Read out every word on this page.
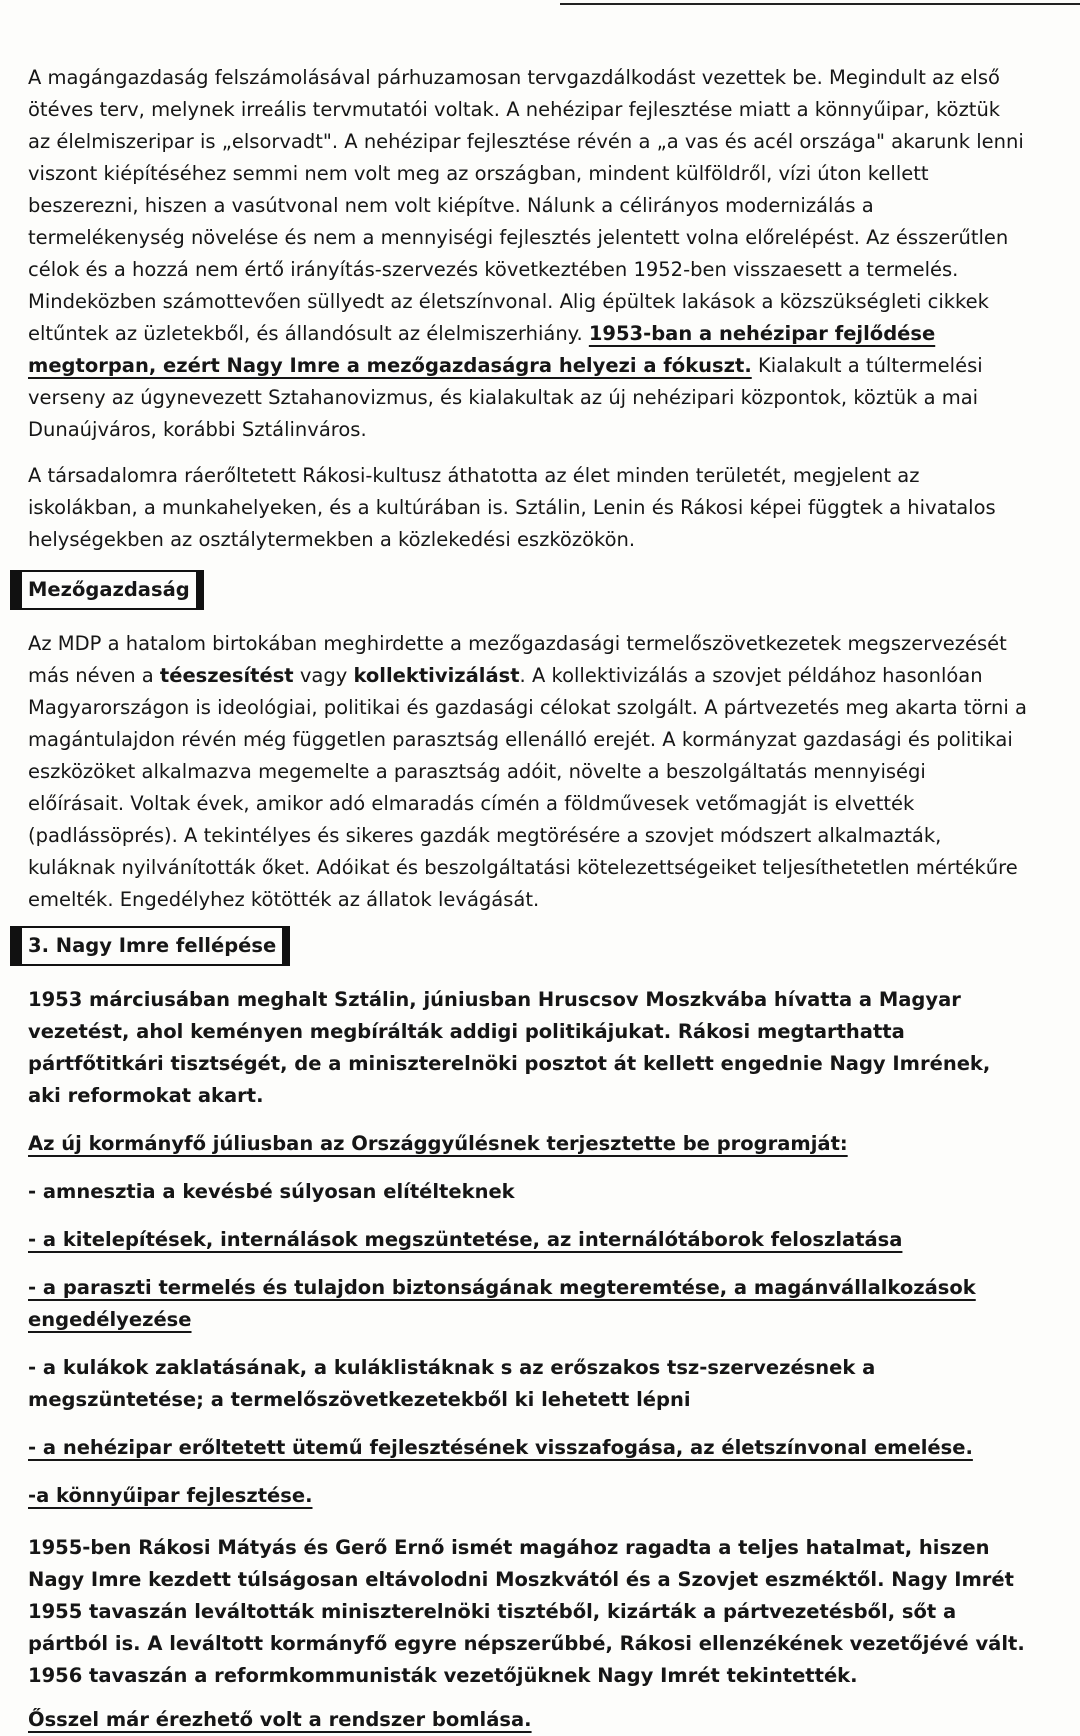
A magángazdaság felszámolásával párhuzamosan tervgazdálkodást vezettek be. Megindult az első ötéves terv, melynek irreális tervmutatói voltak. A nehézipar fejlesztése miatt a könnyűipar, köztük az élelmiszeripar is „elsorvadt". A nehézipar fejlesztése révén a „a vas és acél országa" akarunk lenni viszont kiépítéséhez semmi nem volt meg az országban, mindent külföldről, vízi úton kellett beszerezni, hiszen a vasútvonal nem volt kiépítve. Nálunk a célirányos modernizálás a termelékenység növelése és nem a mennyiségi fejlesztés jelentett volna előrelépést. Az ésszerűtlen célok és a hozzá nem értő irányítás-szervezés következtében 1952-ben visszaesett a termelés. Mindeközben számottevően süllyedt az életszínvonal. Alig épültek lakások a közszükségleti cikkek eltűntek az üzletekből, és állandósult az élelmiszerhiány. 1953-ban a nehézipar fejlődése megtorpan, ezért Nagy Imre a mezőgazdaságra helyezi a fókuszt. Kialakult a túltermelési verseny az úgynevezett Sztahanovizmus, és kialakultak az új nehézipari központok, köztük a mai Dunaújváros, korábbi Sztálinváros.

A társadalomra ráerőltetett Rákosi-kultusz áthatotta az élet minden területét, megjelent az iskolákban, a munkahelyeken, és a kultúrában is. Sztálin, Lenin és Rákosi képei függtek a hivatalos helységekben az osztálytermekben a közlekedési eszközökön.

Mezőgazdaság

Az MDP a hatalom birtokában meghirdette a mezőgazdasági termelőszövetkezetek megszervezését más néven a téeszesítést vagy kollektivizálást. A kollektivizálás a szovjet példához hasonlóan Magyarországon is ideológiai, politikai és gazdasági célokat szolgált. A pártvezetés meg akarta törni a magántulajdon révén még független parasztság ellenálló erejét. A kormányzat gazdasági és politikai eszközöket alkalmazva megemelte a parasztság adóit, növelte a beszolgáltatás mennyiségi előírásait. Voltak évek, amikor adó elmaradás címén a földművesek vetőmagját is elvették (padlássöprés). A tekintélyes és sikeres gazdák megtörésére a szovjet módszert alkalmazták, kuláknak nyilvánították őket. Adóikat és beszolgáltatási kötelezettségeiket teljesíthetetlen mértékűre emelték. Engedélyhez kötötték az állatok levágását.

3. Nagy Imre fellépése

1953 márciusában meghalt Sztálin, júniusban Hruscsov Moszkvába hívatta a Magyar vezetést, ahol keményen megbírálták addigi politikájukat. Rákosi megtarthatta pártfőtitkári tisztségét, de a miniszterelnöki posztot át kellett engednie Nagy Imrének, aki reformokat akart.

Az új kormányfő júliusban az Országgyűlésnek terjesztette be programját:

- amnesztia a kevésbé súlyosan elítélteknek

- a kitelepítések, internálások megszüntetése, az internálótáborok feloszlatása

- a paraszti termelés és tulajdon biztonságának megteremtése, a magánvállalkozások engedélyezése

- a kulákok zaklatásának, a kuláklistáknak s az erőszakos tsz-szervezésnek a megszüntetése; a termelőszövetkezetekből ki lehetett lépni

- a nehézipar erőltetett ütemű fejlesztésének visszafogása, az életszínvonal emelése.

-a könnyűipar fejlesztése.

1955-ben Rákosi Mátyás és Gerő Ernő ismét magához ragadta a teljes hatalmat, hiszen Nagy Imre kezdett túlságosan eltávolodni Moszkvától és a Szovjet eszméktől. Nagy Imrét 1955 tavaszán leváltották miniszterelnöki tisztéből, kizárták a pártvezetésből, sőt a pártból is. A leváltott kormányfő egyre népszerűbbé, Rákosi ellenzékének vezetőjévé vált. 1956 tavaszán a reformkommunisták vezetőjüknek Nagy Imrét tekintették.

Ősszel már érezhető volt a rendszer bomlása.
